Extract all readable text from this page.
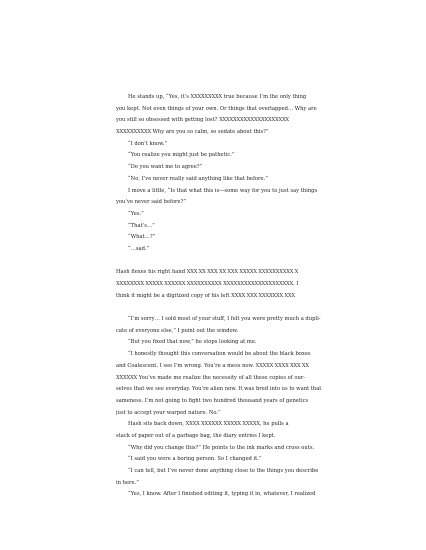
He stands up, “Yes, it’s XXXXXXXXX true because I’m the only thing
you kept. Not even things of your own. Or things that overlapped… Why are
you still so obsessed with getting lost? XXXXXXXXXXXXXXXXXXXX
XXXXXXXXXX Why are you so calm, so sedate about this?”
“I don’t know.”
“You realize you might just be pathetic.”
“Do you want me to agree?”
“No, I’ve never really said anything like that before.”
I move a little, “Is that what this is—some way for you to just say things
you’ve never said before?”
“Yes.”
“That’s…”
“What…?”
“…sad.”
Hash flexes his right hand XXX XX XXX XX XXX XXXXX XXXXXXXXXX X
XXXXXXXX XXXXX XXXXXX XXXXXXXXXX XXXXXXXXXXXXXXXXXXXX. I
think it might be a digitized copy of his left XXXX XXX XXXXXXX XXX
“I’m sorry… I sold most of your stuff, I felt you were pretty much a dupli-
cate of everyone else,” I point out the window.
“But you fixed that now,” he stops looking at me.
“I honestly thought this conversation would be about the black boxes
and Coalescent. I see I’m wrong. You’re a mess now. XXXXX XXXX XXX XX
XXXXXX You’ve made me realize the necessity of all these copies of our-
selves that we see everyday. You’re alien now. It was bred into us to want that
sameness. I’m not going to fight two hundred thousand years of genetics
just to accept your warped nature. No.”
Hash sits back down, XXXX XXXXXX XXXXX XXXXX, he pulls a
stack of paper out of a garbage bag, the diary entries I kept.
“Why did you change this?” He points to the ink marks and cross outs.
“I said you were a boring person. So I changed it.”
“I can tell, but I’ve never done anything close to the things you describe
in here.”
“Yes, I know. After I finished editing it, typing it in, whatever, I realized
